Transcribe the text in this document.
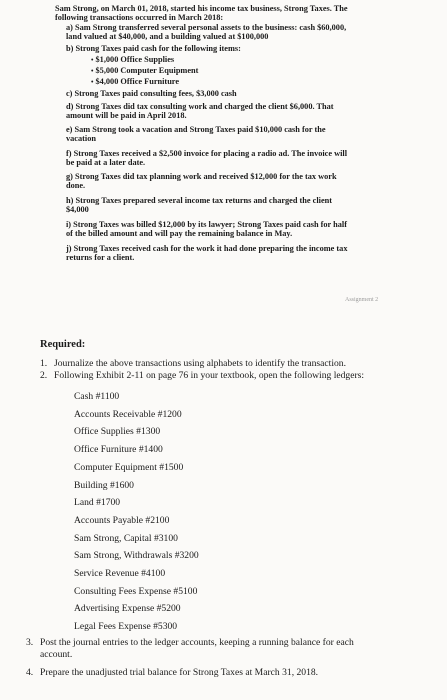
Sam Strong, on March 01, 2018, started his income tax business, Strong Taxes. The
following transactions occurred in March 2018:
a) Sam Strong transferred several personal assets to the business: cash $60,000,
land valued at $40,000, and a building valued at $100,000
b) Strong Taxes paid cash for the following items:
• $1,000 Office Supplies
• $5,000 Computer Equipment
• $4,000 Office Furniture
c) Strong Taxes paid consulting fees, $3,000 cash
d) Strong Taxes did tax consulting work and charged the client $6,000. That
amount will be paid in April 2018.
e) Sam Strong took a vacation and Strong Taxes paid $10,000 cash for the
vacation
f) Strong Taxes received a $2,500 invoice for placing a radio ad. The invoice will
be paid at a later date.
g) Strong Taxes did tax planning work and received $12,000 for the tax work
done.
h) Strong Taxes prepared several income tax returns and charged the client
$4,000
i) Strong Taxes was billed $12,000 by its lawyer; Strong Taxes paid cash for half
of the billed amount and will pay the remaining balance in May.
j) Strong Taxes received cash for the work it had done preparing the income tax
returns for a client.
Assignment 2
Required:
1. Journalize the above transactions using alphabets to identify the transaction.
2. Following Exhibit 2-11 on page 76 in your textbook, open the following ledgers:
Cash #1100
Accounts Receivable #1200
Office Supplies #1300
Office Furniture #1400
Computer Equipment #1500
Building #1600
Land #1700
Accounts Payable #2100
Sam Strong, Capital #3100
Sam Strong, Withdrawals #3200
Service Revenue #4100
Consulting Fees Expense #5100
Advertising Expense #5200
Legal Fees Expense #5300
3. Post the journal entries to the ledger accounts, keeping a running balance for each
account.
4. Prepare the unadjusted trial balance for Strong Taxes at March 31, 2018.
